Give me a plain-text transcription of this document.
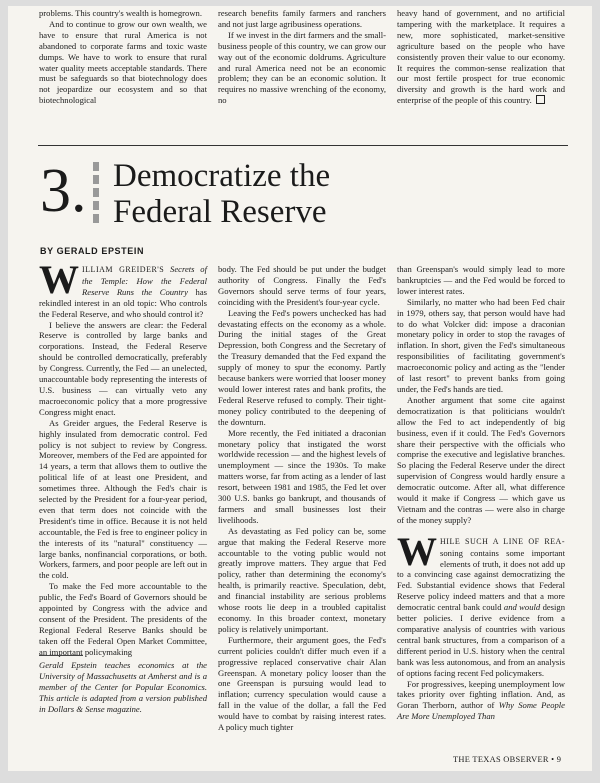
problems. This country's wealth is homegrown.

And to continue to grow our own wealth, we have to ensure that rural America is not abandoned to corporate farms and toxic waste dumps. We have to work to ensure that rural water quality meets acceptable standards. There must be safeguards so that biotechnology does not jeopardize our ecosystem and so that biotechnological

research benefits family farmers and ranchers and not just large agribusiness operations.

If we invest in the dirt farmers and the small-business people of this country, we can grow our way out of the economic doldrums. Agriculture and rural America need not be an economic problem; they can be an economic solution. It requires no massive wrenching of the economy, no

heavy hand of government, and no artificial tampering with the marketplace. It requires a new, more sophisticated, market-sensitive agriculture based on the people who have consistently proven their value to our economy. It requires the common-sense realization that our most fertile prospect for true economic diversity and growth is the hard work and enterprise of the people of this country.

3. Democratize the
Federal Reserve
BY GERALD EPSTEIN

WILLIAM GREIDER'S Secrets of the Temple: How the Federal Reserve Runs the Country has rekindled interest in an old topic: Who controls the Federal Reserve, and who should control it?

I believe the answers are clear: the Federal Reserve is controlled by large banks and corporations. Instead, the Federal Reserve should be controlled democratically, preferably by Congress. Currently, the Fed — an unelected, unaccountable body representing the interests of U.S. business — can virtually veto any macroeconomic policy that a more progressive Congress might enact.

As Greider argues, the Federal Reserve is highly insulated from democratic control. Fed policy is not subject to review by Congress. Moreover, members of the Fed are appointed for 14 years, a term that allows them to outlive the political life of at least one President, and sometimes three. Although the Fed's chair is selected by the President for a four-year period, even that term does not coincide with the President's time in office. Because it is not held accountable, the Fed is free to engineer policy in the interests of its "natural" constituency — large banks, nonfinancial corporations, or both. Workers, farmers, and poor people are left out in the cold.

To make the Fed more accountable to the public, the Fed's Board of Governors should be appointed by Congress with the advice and consent of the President. The presidents of the Regional Federal Reserve Banks should be taken off the Federal Open Market Committee, an important policymaking

Gerald Epstein teaches economics at the University of Massachusetts at Amherst and is a member of the Center for Popular Economics. This article is adapted from a version published in Dollars & Sense magazine.

body. The Fed should be put under the budget authority of Congress. Finally the Fed's Governors should serve terms of four years, coinciding with the President's four-year cycle.

Leaving the Fed's powers unchecked has had devastating effects on the economy as a whole. During the initial stages of the Great Depression, both Congress and the Secretary of the Treasury demanded that the Fed expand the supply of money to spur the economy. Partly because bankers were worried that looser money would lower interest rates and bank profits, the Federal Reserve refused to comply. Their tight-money policy contributed to the deepening of the downturn.

More recently, the Fed initiated a draconian monetary policy that instigated the worst worldwide recession — and the highest levels of unemployment — since the 1930s. To make matters worse, far from acting as a lender of last resort, between 1981 and 1985, the Fed let over 300 U.S. banks go bankrupt, and thousands of farmers and small businesses lost their livelihoods.

As devastating as Fed policy can be, some argue that making the Federal Reserve more accountable to the voting public would not greatly improve matters. They argue that Fed policy, rather than determining the economy's health, is primarily reactive. Speculation, debt, and financial instability are serious problems whose roots lie deep in a troubled capitalist economy. In this broader context, monetary policy is relatively unimportant.

Furthermore, their argument goes, the Fed's current policies couldn't differ much even if a progressive replaced conservative chair Alan Greenspan. A monetary policy looser than the one Greenspan is pursuing would lead to inflation; currency speculation would cause a fall in the value of the dollar, a fall the Fed would have to combat by raising interest rates. A policy much tighter

than Greenspan's would simply lead to more bankruptcies — and the Fed would be forced to lower interest rates.

Similarly, no matter who had been Fed chair in 1979, others say, that person would have had to do what Volcker did: impose a draconian monetary policy in order to stop the ravages of inflation. In short, given the Fed's simultaneous responsibilities of facilitating government's macroeconomic policy and acting as the "lender of last resort" to prevent banks from going under, the Fed's hands are tied.

Another argument that some cite against democratization is that politicians wouldn't allow the Fed to act independently of big business, even if it could. The Fed's Governors share their perspective with the officials who comprise the executive and legislative branches. So placing the Federal Reserve under the direct supervision of Congress would hardly ensure a democratic outcome. After all, what difference would it make if Congress — which gave us Vietnam and the contras — were also in charge of the money supply?

WHILE SUCH A LINE OF REA- soning contains some important elements of truth, it does not add up to a convincing case against democratizing the Fed. Substantial evidence shows that Federal Reserve policy indeed matters and that a more democratic central bank could and would design better policies. I derive evidence from a comparative analysis of countries with various central bank structures, from a comparison of a different period in U.S. history when the central bank was less autonomous, and from an analysis of options facing recent Fed policymakers.

For progressives, keeping unemployment low takes priority over fighting inflation. And, as Goran Therborn, author of Why Some People Are More Unemployed Than

THE TEXAS OBSERVER • 9
